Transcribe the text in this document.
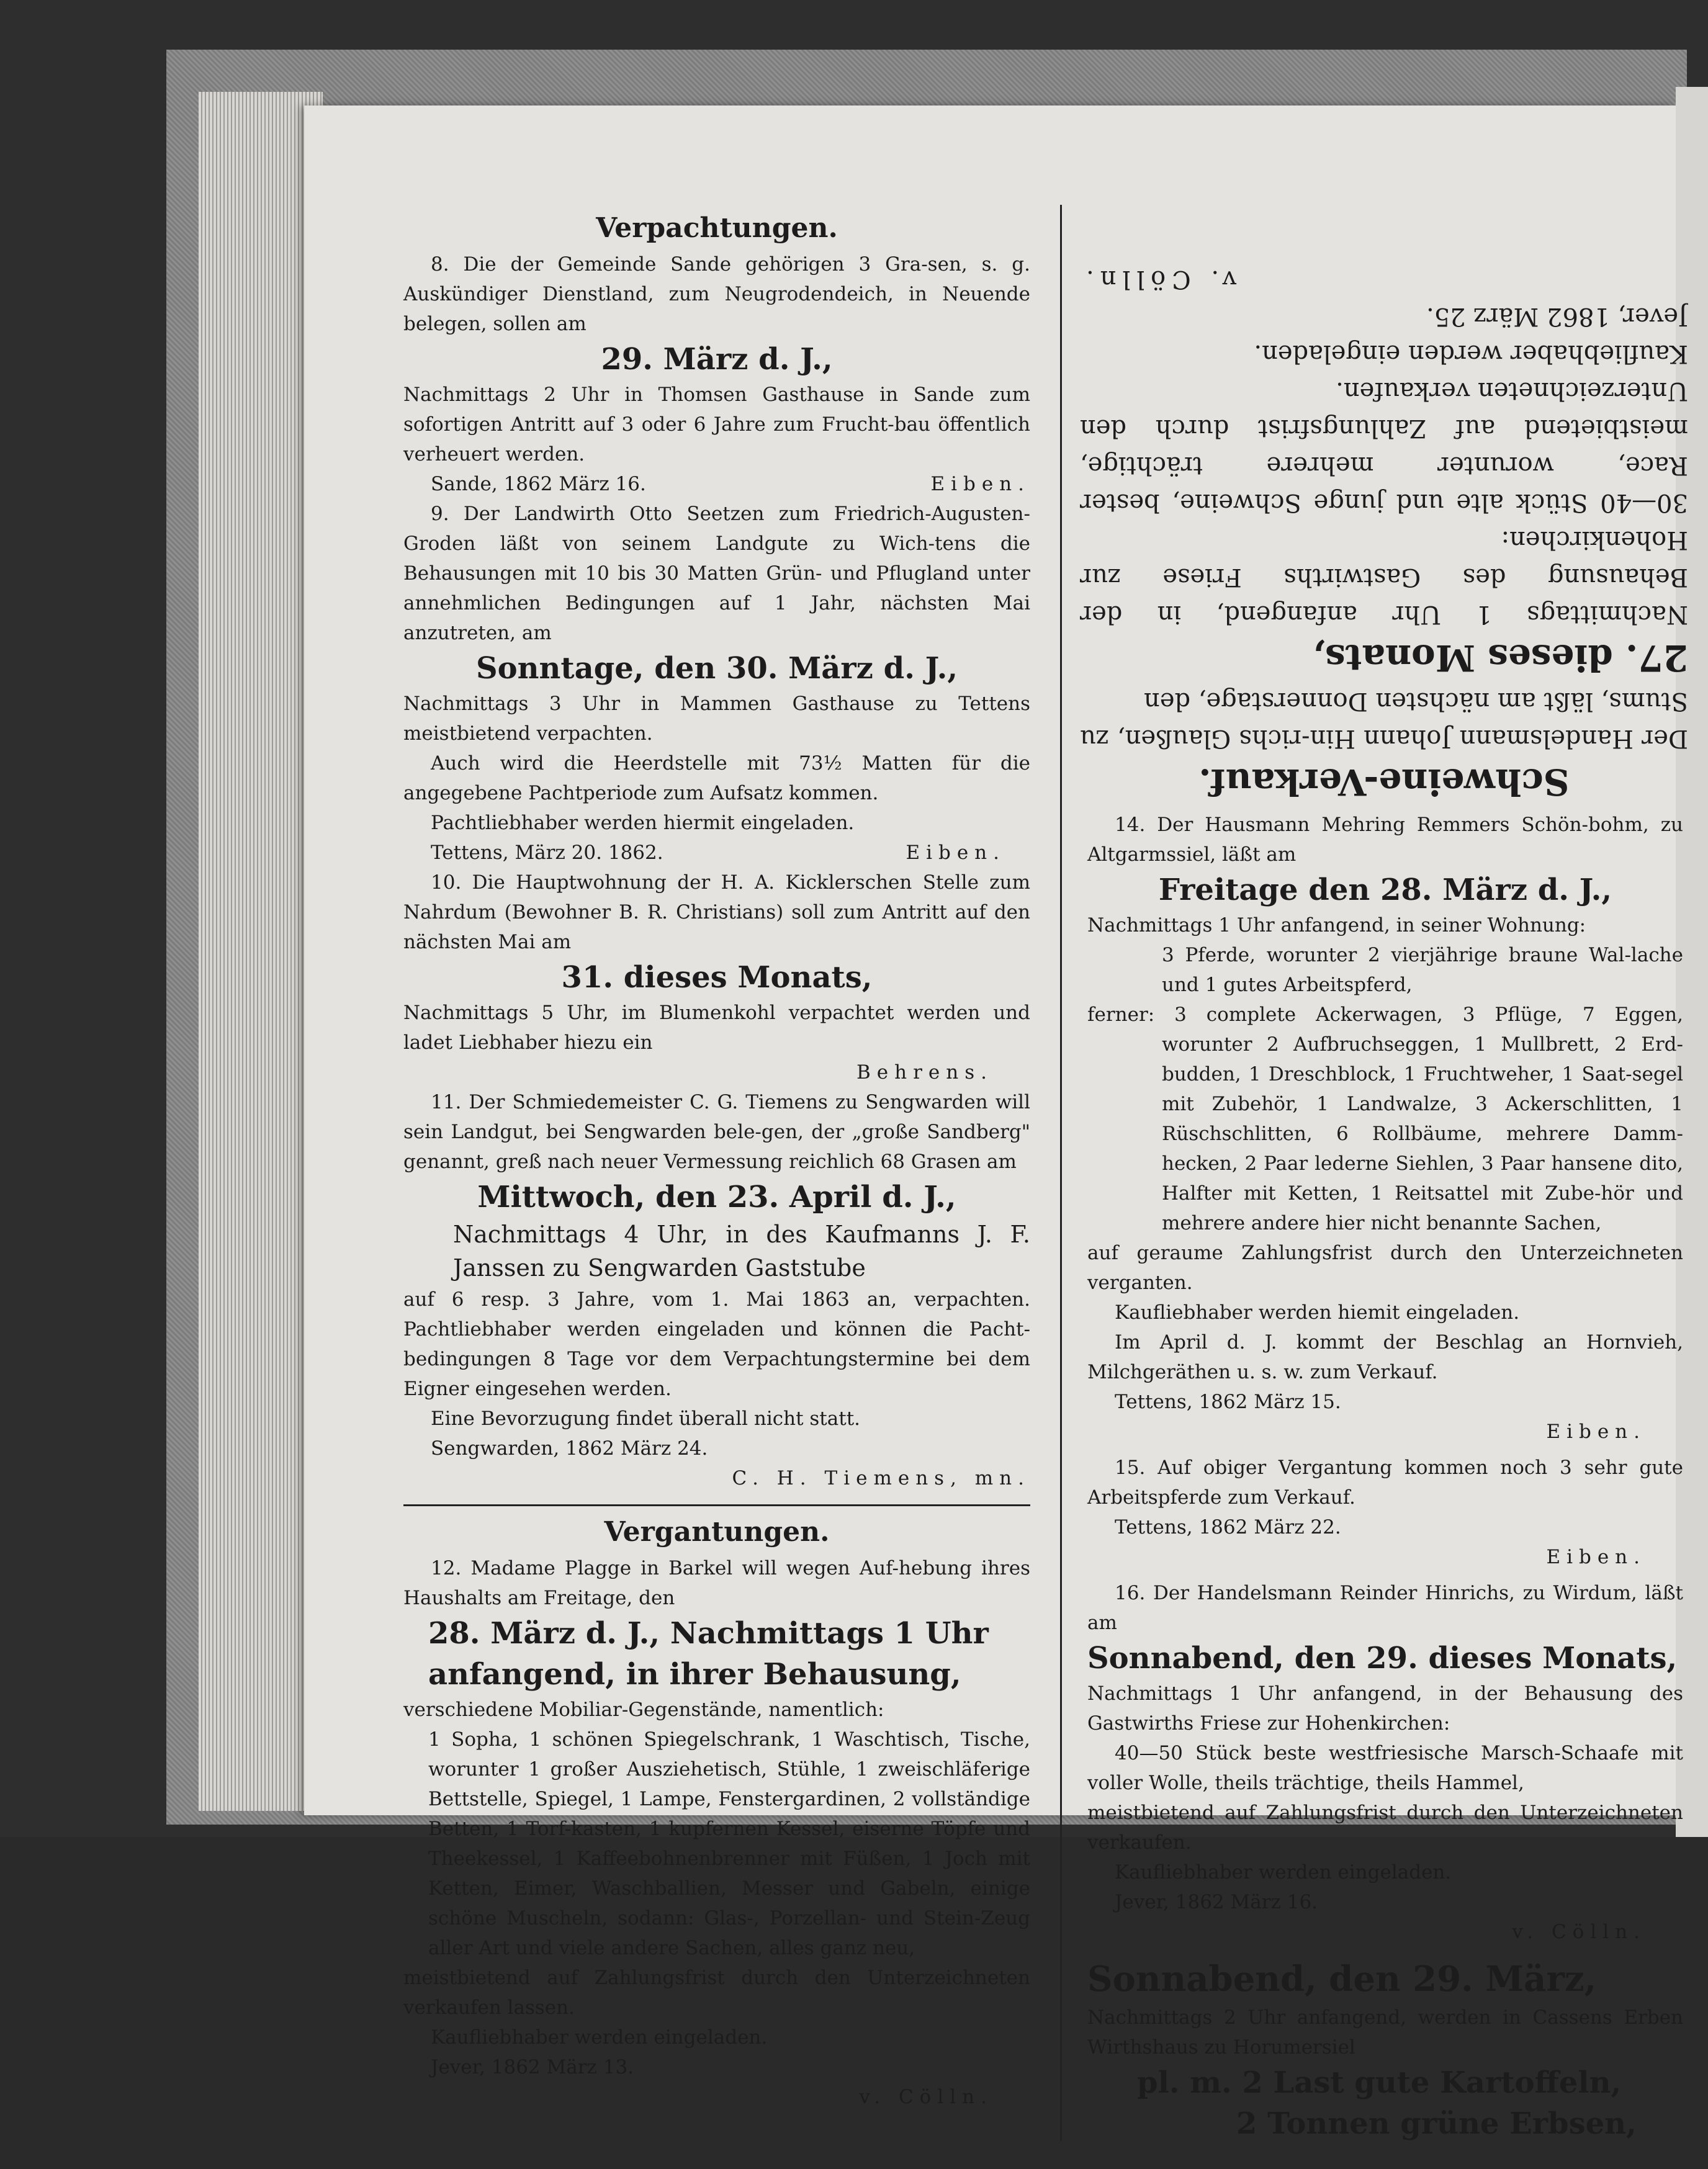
Verpachtungen.

8. Die der Gemeinde Sande gehörigen 3 Gra-sen, s. g. Auskündiger Dienstland, zum Neugrodendeich, in Neuende belegen, sollen am

29. März d. J.,

Nachmittags 2 Uhr in Thomsen Gasthause in Sande zum sofortigen Antritt auf 3 oder 6 Jahre zum Frucht-bau öffentlich verheuert werden.

Sande, 1862 März 16.	Eiben.

9. Der Landwirth Otto Seetzen zum Friedrich-Augusten-Groden läßt von seinem Landgute zu Wich-tens die Behausungen mit 10 bis 30 Matten Grün- und Pflugland unter annehmlichen Bedingungen auf 1 Jahr, nächsten Mai anzutreten, am

Sonntage, den 30. März d. J.,

Nachmittags 3 Uhr in Mammen Gasthause zu Tettens meistbietend verpachten.

Auch wird die Heerdstelle mit 73½ Matten für die angegebene Pachtperiode zum Aufsatz kommen.

Pachtliebhaber werden hiermit eingeladen.

Tettens, März 20. 1862.	Eiben.

10. Die Hauptwohnung der H. A. Kicklerschen Stelle zum Nahrdum (Bewohner B. R. Christians) soll zum Antritt auf den nächsten Mai am

31. dieses Monats,

Nachmittags 5 Uhr, im Blumenkohl verpachtet werden und ladet Liebhaber hiezu ein

Behrens.

11. Der Schmiedemeister C. G. Tiemens zu Sengwarden will sein Landgut, bei Sengwarden bele-gen, der „große Sandberg" genannt, greß nach neuer Vermessung reichlich 68 Grasen am

Mittwoch, den 23. April d. J.,

Nachmittags 4 Uhr, in des Kaufmanns J. F. Janssen zu Sengwarden Gaststube

auf 6 resp. 3 Jahre, vom 1. Mai 1863 an, verpachten. Pachtliebhaber werden eingeladen und können die Pacht-bedingungen 8 Tage vor dem Verpachtungstermine bei dem Eigner eingesehen werden.

Eine Bevorzugung findet überall nicht statt.

Sengwarden, 1862 März 24.

C. H. Tiemens, mn.

Vergantungen.

12. Madame Plagge in Barkel will wegen Auf-hebung ihres Haushalts am Freitage, den

28. März d. J., Nachmittags 1 Uhr anfangend, in ihrer Behausung,

verschiedene Mobiliar-Gegenstände, namentlich:

1 Sopha, 1 schönen Spiegelschrank, 1 Waschtisch, Tische, worunter 1 großer Ausziehetisch, Stühle, 1 zweischläferige Bettstelle, Spiegel, 1 Lampe, Fenstergardinen, 2 vollständige Betten, 1 Torf-kasten, 1 kupfernen Kessel, eiserne Töpfe und Theekessel, 1 Kaffeebohnenbrenner mit Füßen, 1 Joch mit Ketten, Eimer, Waschballien, Messer und Gabeln, einige schöne Muscheln, sodann: Glas-, Porzellan- und Stein-Zeug aller Art und viele andere Sachen, alles ganz neu,

meistbietend auf Zahlungsfrist durch den Unterzeichneten verkaufen lassen.

Kaufliebhaber werden eingeladen.

Jever, 1862 März 13.

v. Cölln.

Schweine-Verkauf.

Der Handelsmann Johann Hin-richs Glaußen, zu Stums, läßt am nächsten Donnerstage, den

27. dieses Monats,

Nachmittags 1 Uhr anfangend, in der Behausung des Gastwirths Friese zur Hohenkirchen:

30—40 Stück alte und junge Schweine, bester Race, worunter mehrere trächtige, meistbietend auf Zahlungsfrist durch den Unterzeichneten verkaufen.

Kaufliebhaber werden eingeladen.

Jever, 1862 März 25.

v. Cölln.

14. Der Hausmann Mehring Remmers Schön-bohm, zu Altgarmssiel, läßt am

Freitage den 28. März d. J.,

Nachmittags 1 Uhr anfangend, in seiner Wohnung:

3 Pferde, worunter 2 vierjährige braune Wal-lache und 1 gutes Arbeitspferd,

ferner: 3 complete Ackerwagen, 3 Pflüge, 7 Eggen, worunter 2 Aufbruchseggen, 1 Mullbrett, 2 Erd-budden, 1 Dreschblock, 1 Fruchtweher, 1 Saat-segel mit Zubehör, 1 Landwalze, 3 Ackerschlitten, 1 Rüschschlitten, 6 Rollbäume, mehrere Damm-hecken, 2 Paar lederne Siehlen, 3 Paar hansene dito, Halfter mit Ketten, 1 Reitsattel mit Zube-hör und mehrere andere hier nicht benannte Sachen,

auf geraume Zahlungsfrist durch den Unterzeichneten verganten.

Kaufliebhaber werden hiemit eingeladen.

Im April d. J. kommt der Beschlag an Hornvieh, Milchgeräthen u. s. w. zum Verkauf.

Tettens, 1862 März 15.

Eiben.

15. Auf obiger Vergantung kommen noch 3 sehr gute Arbeitspferde zum Verkauf.

Tettens, 1862 März 22.

Eiben.

16. Der Handelsmann Reinder Hinrichs, zu Wirdum, läßt am

Sonnabend, den 29. dieses Monats,

Nachmittags 1 Uhr anfangend, in der Behausung des Gastwirths Friese zur Hohenkirchen:

40—50 Stück beste westfriesische Marsch-Schaafe mit voller Wolle, theils trächtige, theils Hammel,

meistbietend auf Zahlungsfrist durch den Unterzeichneten verkaufen.

Kaufliebhaber werden eingeladen.

Jever, 1862 März 16.

v. Cölln.

Sonnabend, den 29. März,

Nachmittags 2 Uhr anfangend, werden in Cassens Erben Wirthshaus zu Horumersiel

pl. m. 2 Last gute Kartoffeln,

2 Tonnen grüne Erbsen,
